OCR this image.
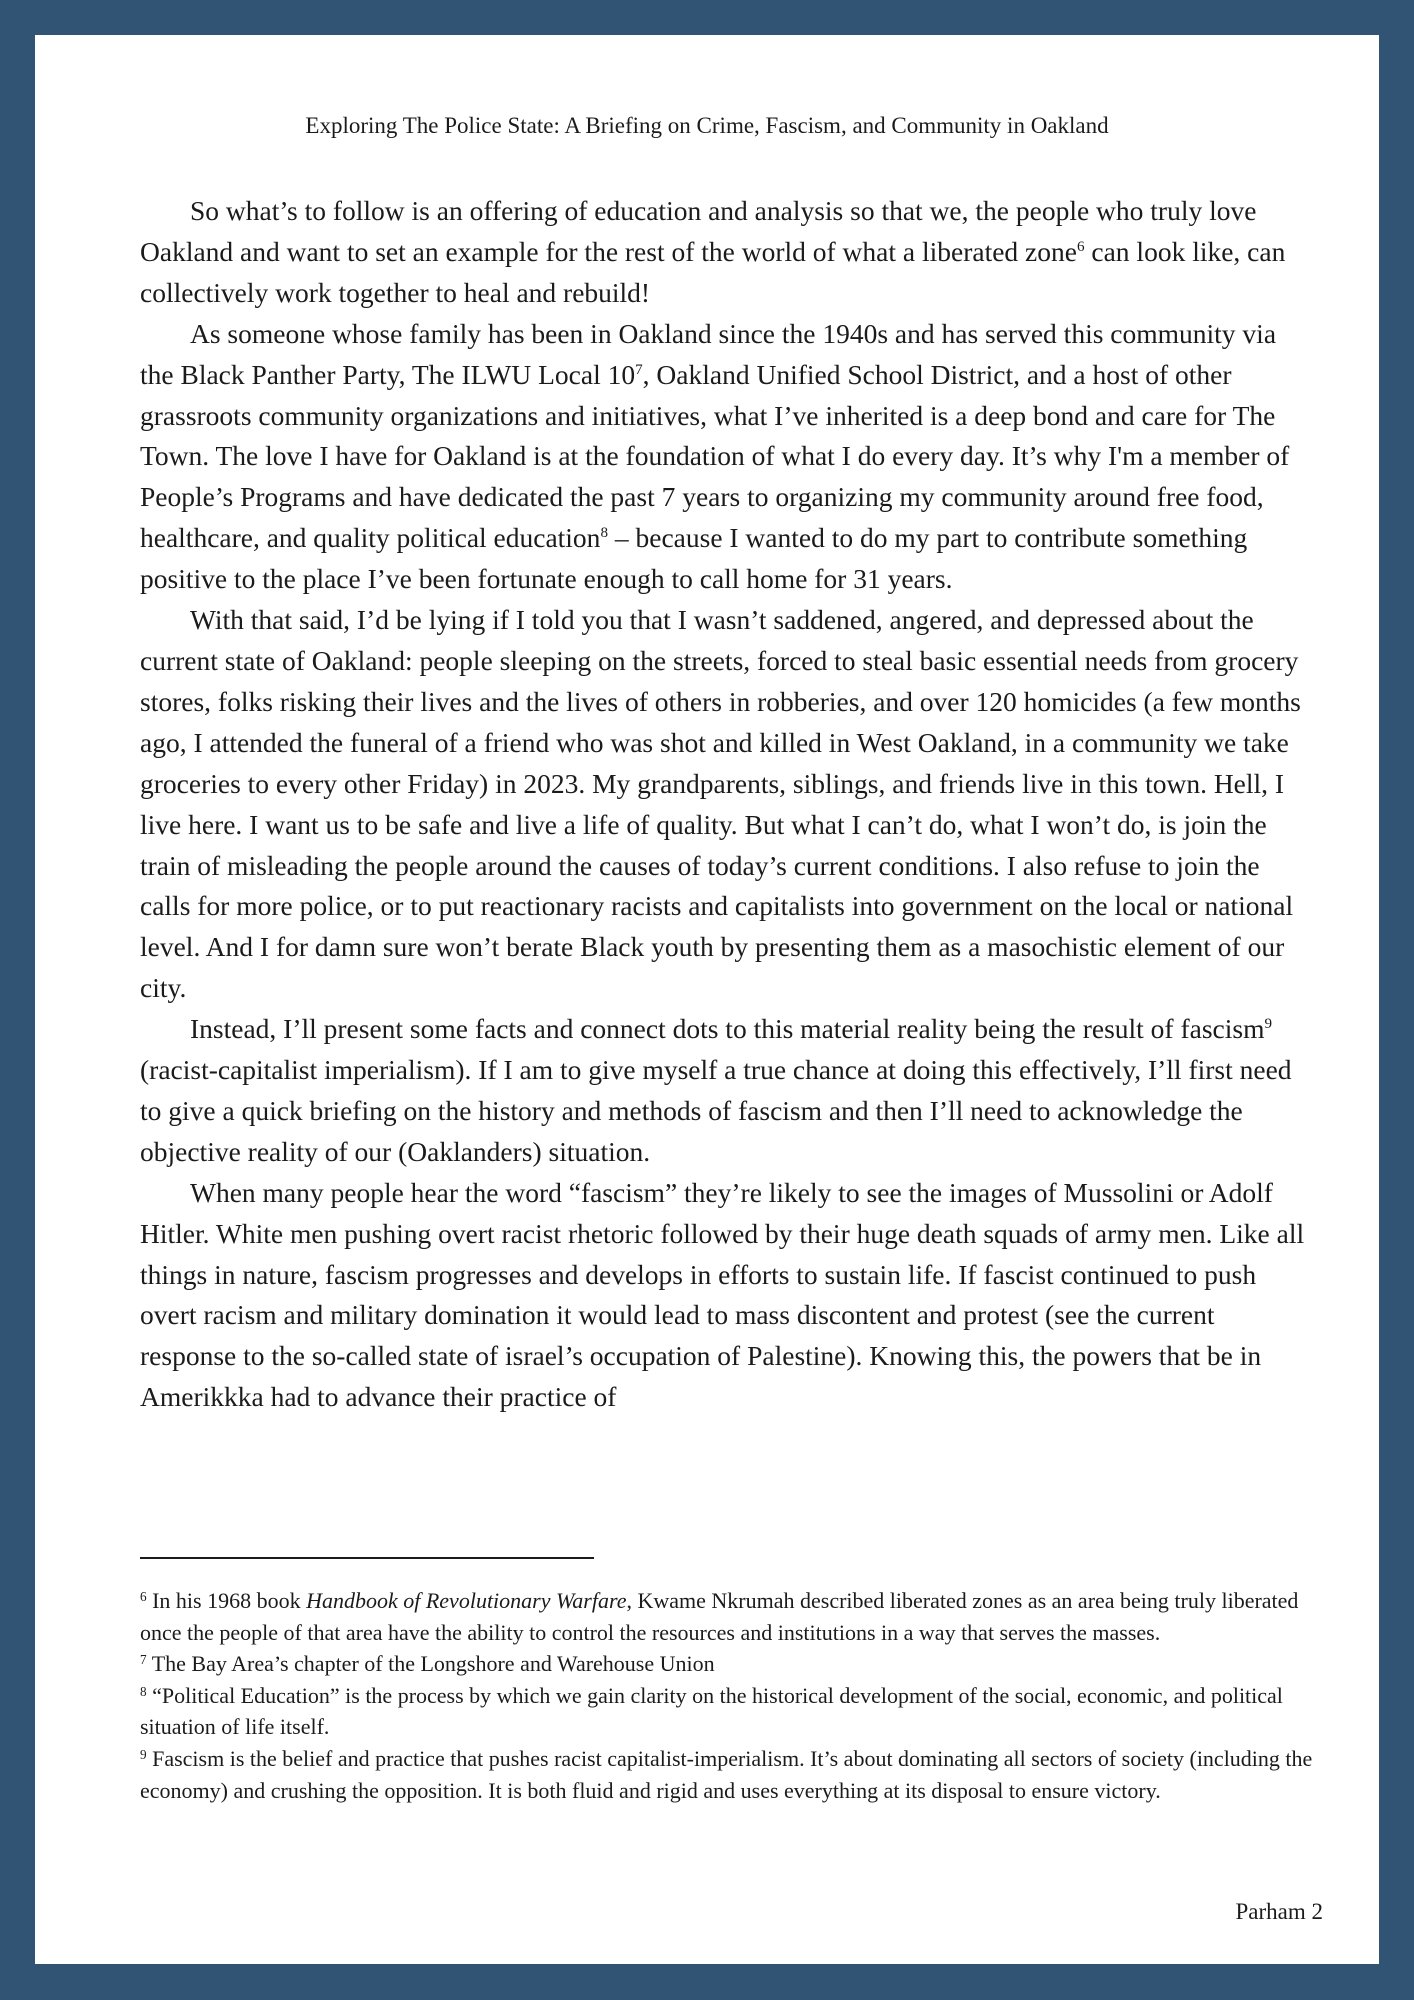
Exploring The Police State: A Briefing on Crime, Fascism, and Community in Oakland

So what’s to follow is an offering of education and analysis so that we, the people who truly love Oakland and want to set an example for the rest of the world of what a liberated zone$^6$ can look like, can collectively work together to heal and rebuild!

As someone whose family has been in Oakland since the 1940s and has served this community via the Black Panther Party, The ILWU Local $10^7$, Oakland Unified School District, and a host of other grassroots community organizations and initiatives, what I’ve inherited is a deep bond and care for The Town. The love I have for Oakland is at the foundation of what I do every day. It’s why I'm a member of People’s Programs and have dedicated the past 7 years to organizing my community around free food, healthcare, and quality political education$^8$ – because I wanted to do my part to contribute something positive to the place I’ve been fortunate enough to call home for 31 years.

With that said, I’d be lying if I told you that I wasn’t saddened, angered, and depressed about the current state of Oakland: people sleeping on the streets, forced to steal basic essential needs from grocery stores, folks risking their lives and the lives of others in robberies, and over 120 homicides (a few months ago, I attended the funeral of a friend who was shot and killed in West Oakland, in a community we take groceries to every other Friday) in 2023. My grandparents, siblings, and friends live in this town. Hell, I live here. I want us to be safe and live a life of quality. But what I can’t do, what I won’t do, is join the train of misleading the people around the causes of today’s current conditions. I also refuse to join the calls for more police, or to put reactionary racists and capitalists into government on the local or national level. And I for damn sure won’t berate Black youth by presenting them as a masochistic element of our city.

Instead, I’ll present some facts and connect dots to this material reality being the result of fascism$^9$ (racist-capitalist imperialism). If I am to give myself a true chance at doing this effectively, I’ll first need to give a quick briefing on the history and methods of fascism and then I’ll need to acknowledge the objective reality of our (Oaklanders) situation.

When many people hear the word “fascism” they’re likely to see the images of Mussolini or Adolf Hitler. White men pushing overt racist rhetoric followed by their huge death squads of army men. Like all things in nature, fascism progresses and develops in efforts to sustain life. If fascist continued to push overt racism and military domination it would lead to mass discontent and protest (see the current response to the so-called state of israel’s occupation of Palestine). Knowing this, the powers that be in Amerikkka had to advance their practice of

$^6$ In his 1968 book Handbook of Revolutionary Warfare, Kwame Nkrumah described liberated zones as an area being truly liberated once the people of that area have the ability to control the resources and institutions in a way that serves the masses.

$^7$ The Bay Area’s chapter of the Longshore and Warehouse Union

$^8$ “Political Education” is the process by which we gain clarity on the historical development of the social, economic, and political situation of life itself.

$^9$ Fascism is the belief and practice that pushes racist capitalist-imperialism. It’s about dominating all sectors of society (including the economy) and crushing the opposition. It is both fluid and rigid and uses everything at its disposal to ensure victory.

Parham 2
